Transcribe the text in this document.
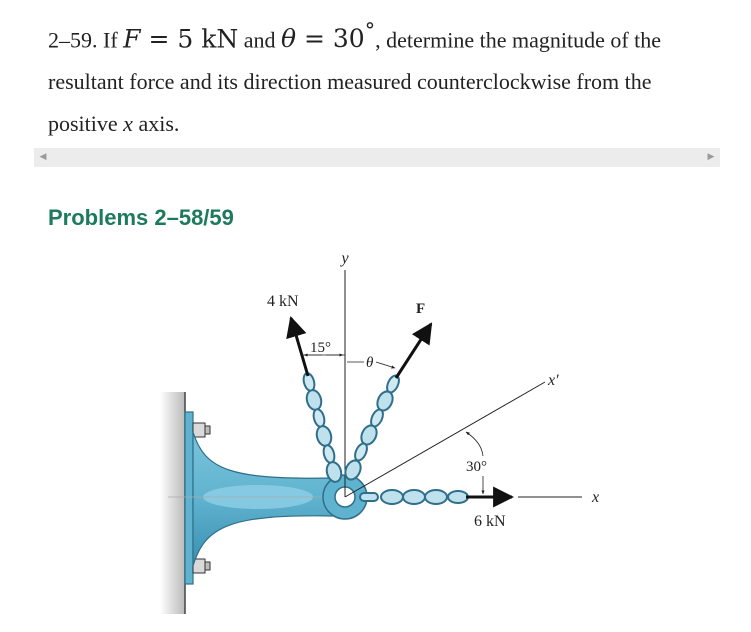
2–59. If F = 5 kN and θ = 30°, determine the magnitude of the resultant force and its direction measured counterclockwise from the positive x axis.
◀	▶
Problems 2–58/59
y
x
x′
4 kN	F
6 kN
15°
θ
30°
